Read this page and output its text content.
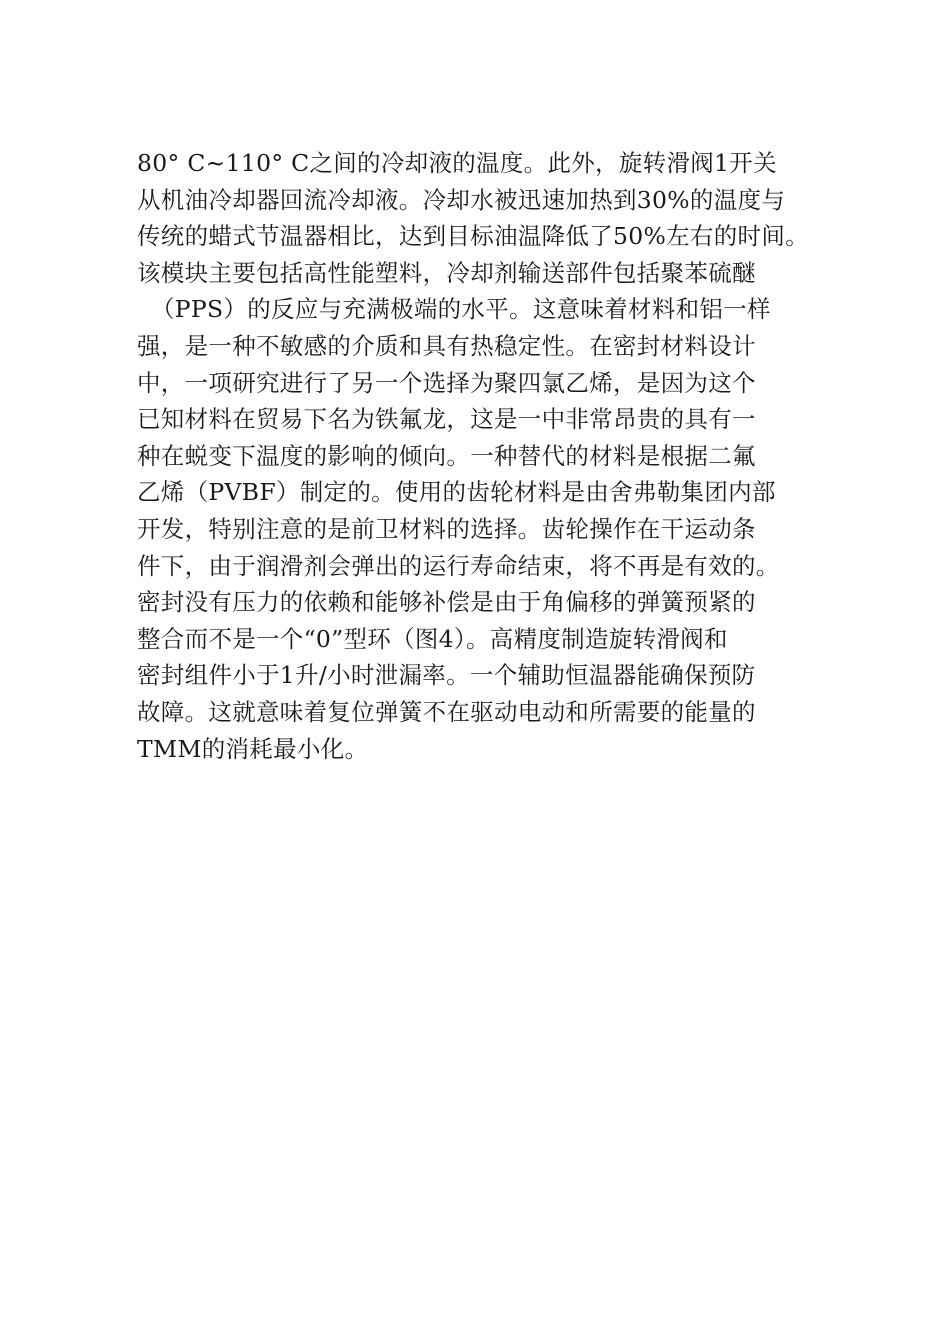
80° C~110° C之间的冷却液的温度。此外，旋转滑阀1开关
从机油冷却器回流冷却液。冷却水被迅速加热到30%的温度与
传统的蜡式节温器相比，达到目标油温降低了50%左右的时间。
该模块主要包括高性能塑料，冷却剂输送部件包括聚苯硫醚
（PPS）的反应与充满极端的水平。这意味着材料和铝一样
强，是一种不敏感的介质和具有热稳定性。在密封材料设计
中，一项研究进行了另一个选择为聚四氯乙烯，是因为这个
已知材料在贸易下名为铁氟龙，这是一中非常昂贵的具有一
种在蜕变下温度的影响的倾向。一种替代的材料是根据二氟
乙烯（PVBF）制定的。使用的齿轮材料是由舍弗勒集团内部
开发，特别注意的是前卫材料的选择。齿轮操作在干运动条
件下，由于润滑剂会弹出的运行寿命结束，将不再是有效的。
密封没有压力的依赖和能够补偿是由于角偏移的弹簧预紧的
整合而不是一个“0”型环（图4）。高精度制造旋转滑阀和
密封组件小于1升/小时泄漏率。一个辅助恒温器能确保预防
故障。这就意味着复位弹簧不在驱动电动和所需要的能量的
TMM的消耗最小化。
